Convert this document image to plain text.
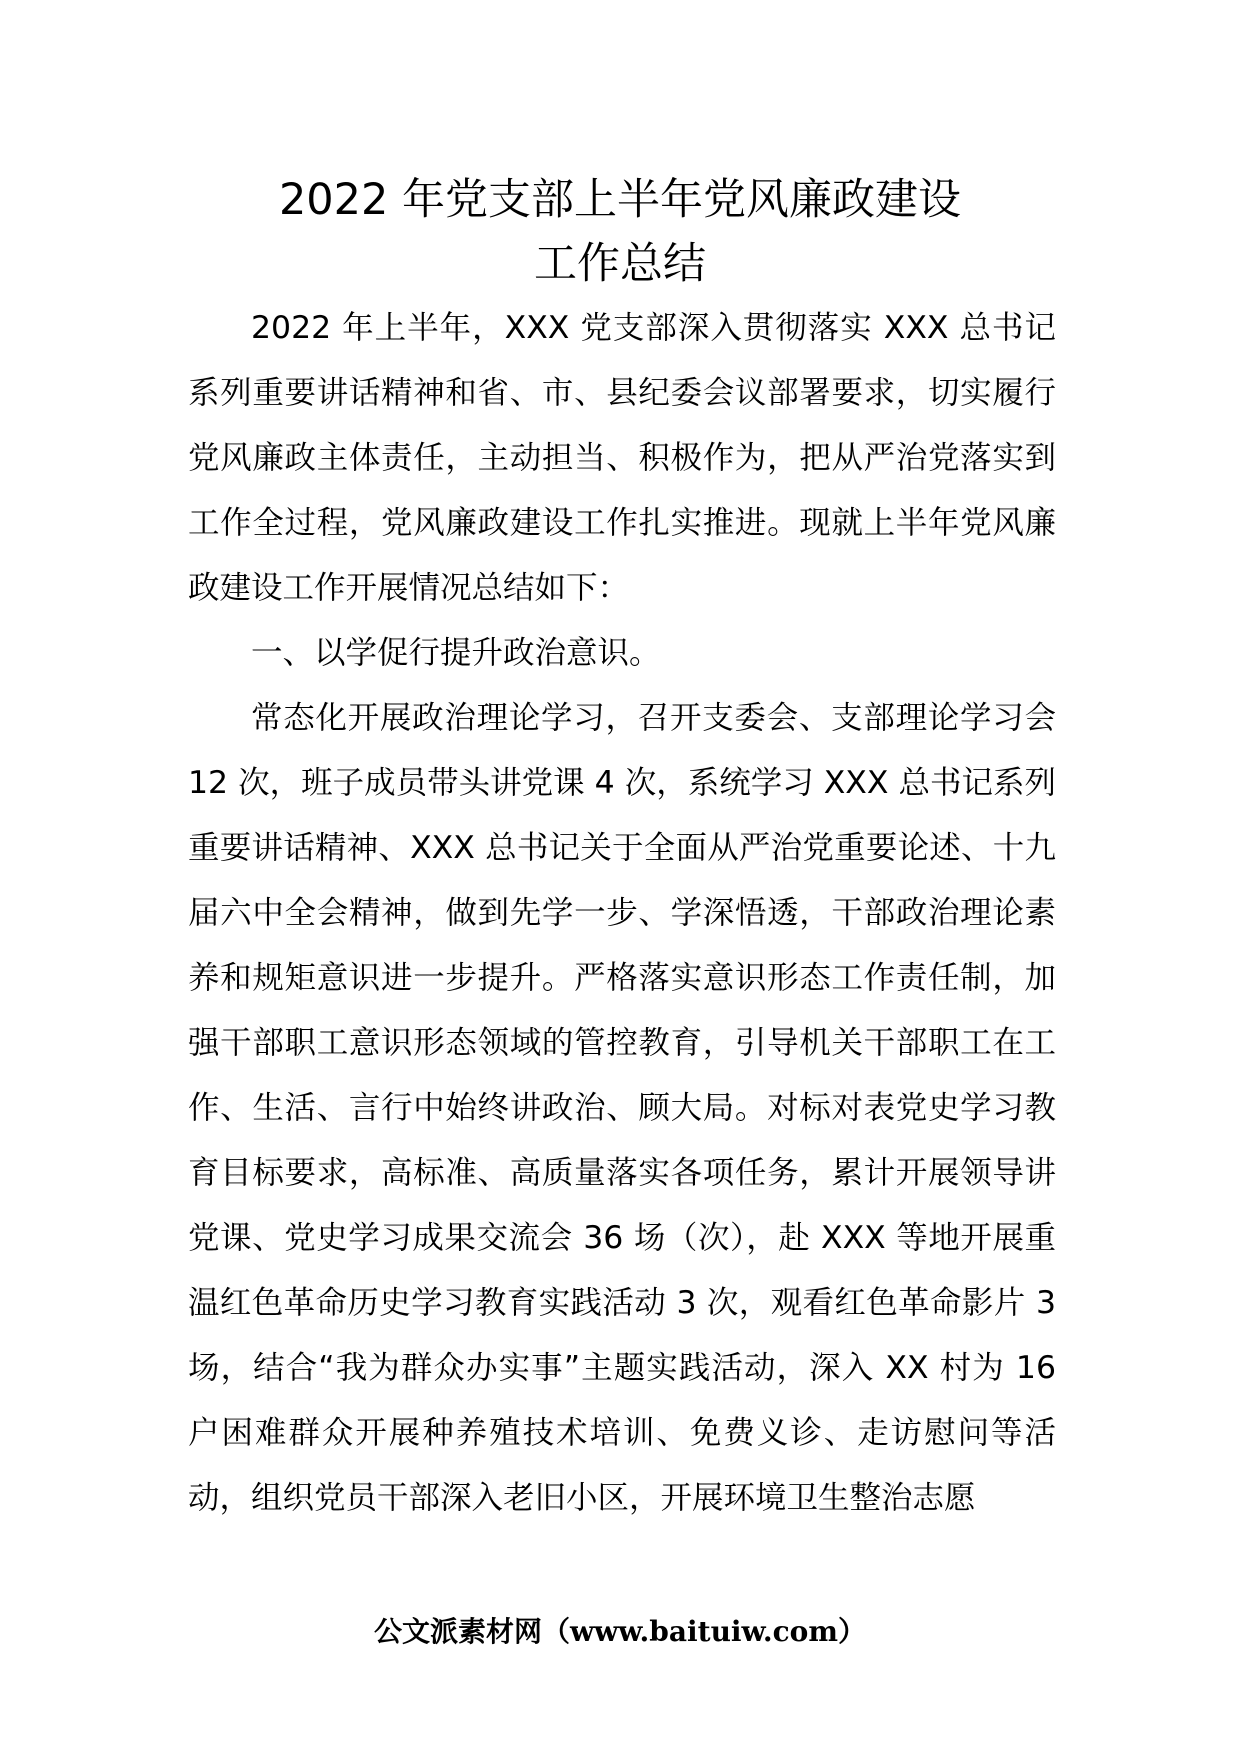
2022 年党支部上半年党风廉政建设
工作总结

2022 年上半年，XXX 党支部深入贯彻落实 XXX 总书记系列重要讲话精神和省、市、县纪委会议部署要求，切实履行党风廉政主体责任，主动担当、积极作为，把从严治党落实到工作全过程，党风廉政建设工作扎实推进。现就上半年党风廉政建设工作开展情况总结如下：

一、以学促行提升政治意识。

常态化开展政治理论学习，召开支委会、支部理论学习会 12 次，班子成员带头讲党课 4 次，系统学习 XXX 总书记系列重要讲话精神、XXX 总书记关于全面从严治党重要论述、十九届六中全会精神，做到先学一步、学深悟透，干部政治理论素养和规矩意识进一步提升。严格落实意识形态工作责任制，加强干部职工意识形态领域的管控教育，引导机关干部职工在工作、生活、言行中始终讲政治、顾大局。对标对表党史学习教育目标要求，高标准、高质量落实各项任务，累计开展领导讲党课、党史学习成果交流会 36 场（次），赴 XXX 等地开展重温红色革命历史学习教育实践活动 3 次，观看红色革命影片 3 场，结合“我为群众办实事”主题实践活动，深入 XX 村为 16 户困难群众开展种养殖技术培训、免费义诊、走访慰问等活动，组织党员干部深入老旧小区，开展环境卫生整治志愿

公文派素材网（www.baituiw.com）
